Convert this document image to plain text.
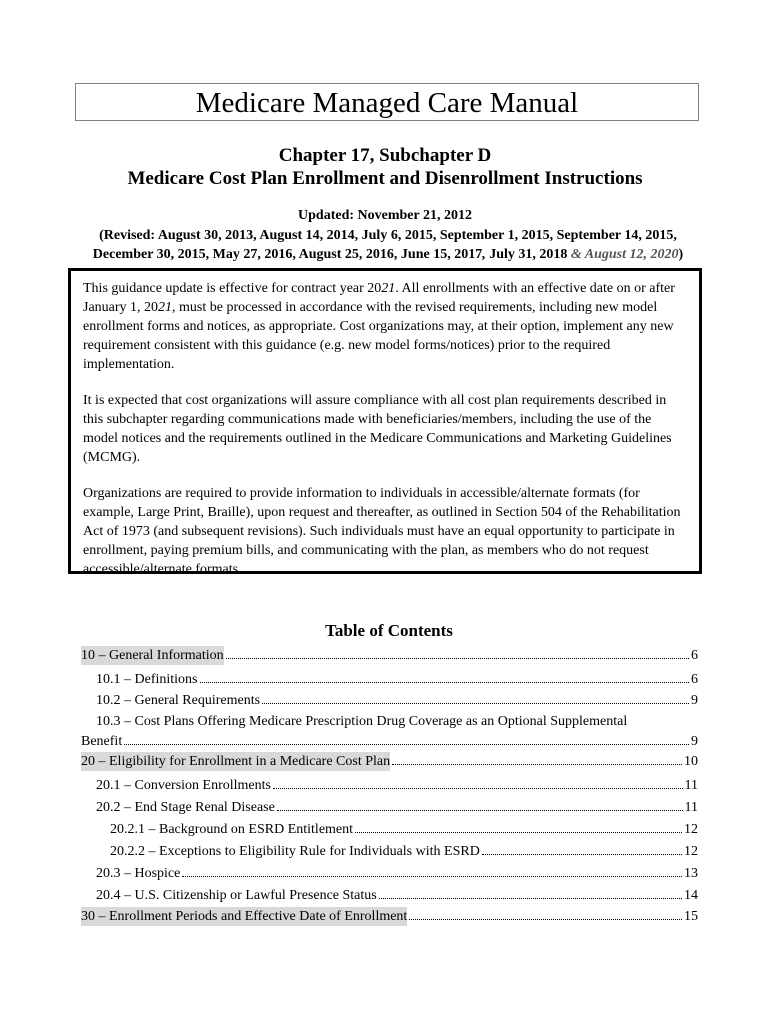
Medicare Managed Care Manual
Chapter 17, Subchapter D
Medicare Cost Plan Enrollment and Disenrollment Instructions
Updated: November 21, 2012
(Revised: August 30, 2013, August 14, 2014, July 6, 2015, September 1, 2015, September 14, 2015,
December 30, 2015, May 27, 2016, August 25, 2016, June 15, 2017, July 31, 2018 & August 12, 2020)

This guidance update is effective for contract year 2021. All enrollments with an effective date on or after January 1, 2021, must be processed in accordance with the revised requirements, including new model enrollment forms and notices, as appropriate. Cost organizations may, at their option, implement any new requirement consistent with this guidance (e.g. new model forms/notices) prior to the required implementation.

It is expected that cost organizations will assure compliance with all cost plan requirements described in this subchapter regarding communications made with beneficiaries/members, including the use of the model notices and the requirements outlined in the Medicare Communications and Marketing Guidelines (MCMG).

Organizations are required to provide information to individuals in accessible/alternate formats (for example, Large Print, Braille), upon request and thereafter, as outlined in Section 504 of the Rehabilitation Act of 1973 (and subsequent revisions). Such individuals must have an equal opportunity to participate in enrollment, paying premium bills, and communicating with the plan, as members who do not request accessible/alternate formats.

Table of Contents
10 – General Information	6
10.1 – Definitions	6
10.2 – General Requirements	9
10.3 – Cost Plans Offering Medicare Prescription Drug Coverage as an Optional Supplemental
Benefit	9
20 – Eligibility for Enrollment in a Medicare Cost Plan	10
20.1 – Conversion Enrollments	11
20.2 – End Stage Renal Disease	11
20.2.1 – Background on ESRD Entitlement	12
20.2.2 – Exceptions to Eligibility Rule for Individuals with ESRD	12
20.3 – Hospice	13
20.4 – U.S. Citizenship or Lawful Presence Status	14
30 – Enrollment Periods and Effective Date of Enrollment	15
